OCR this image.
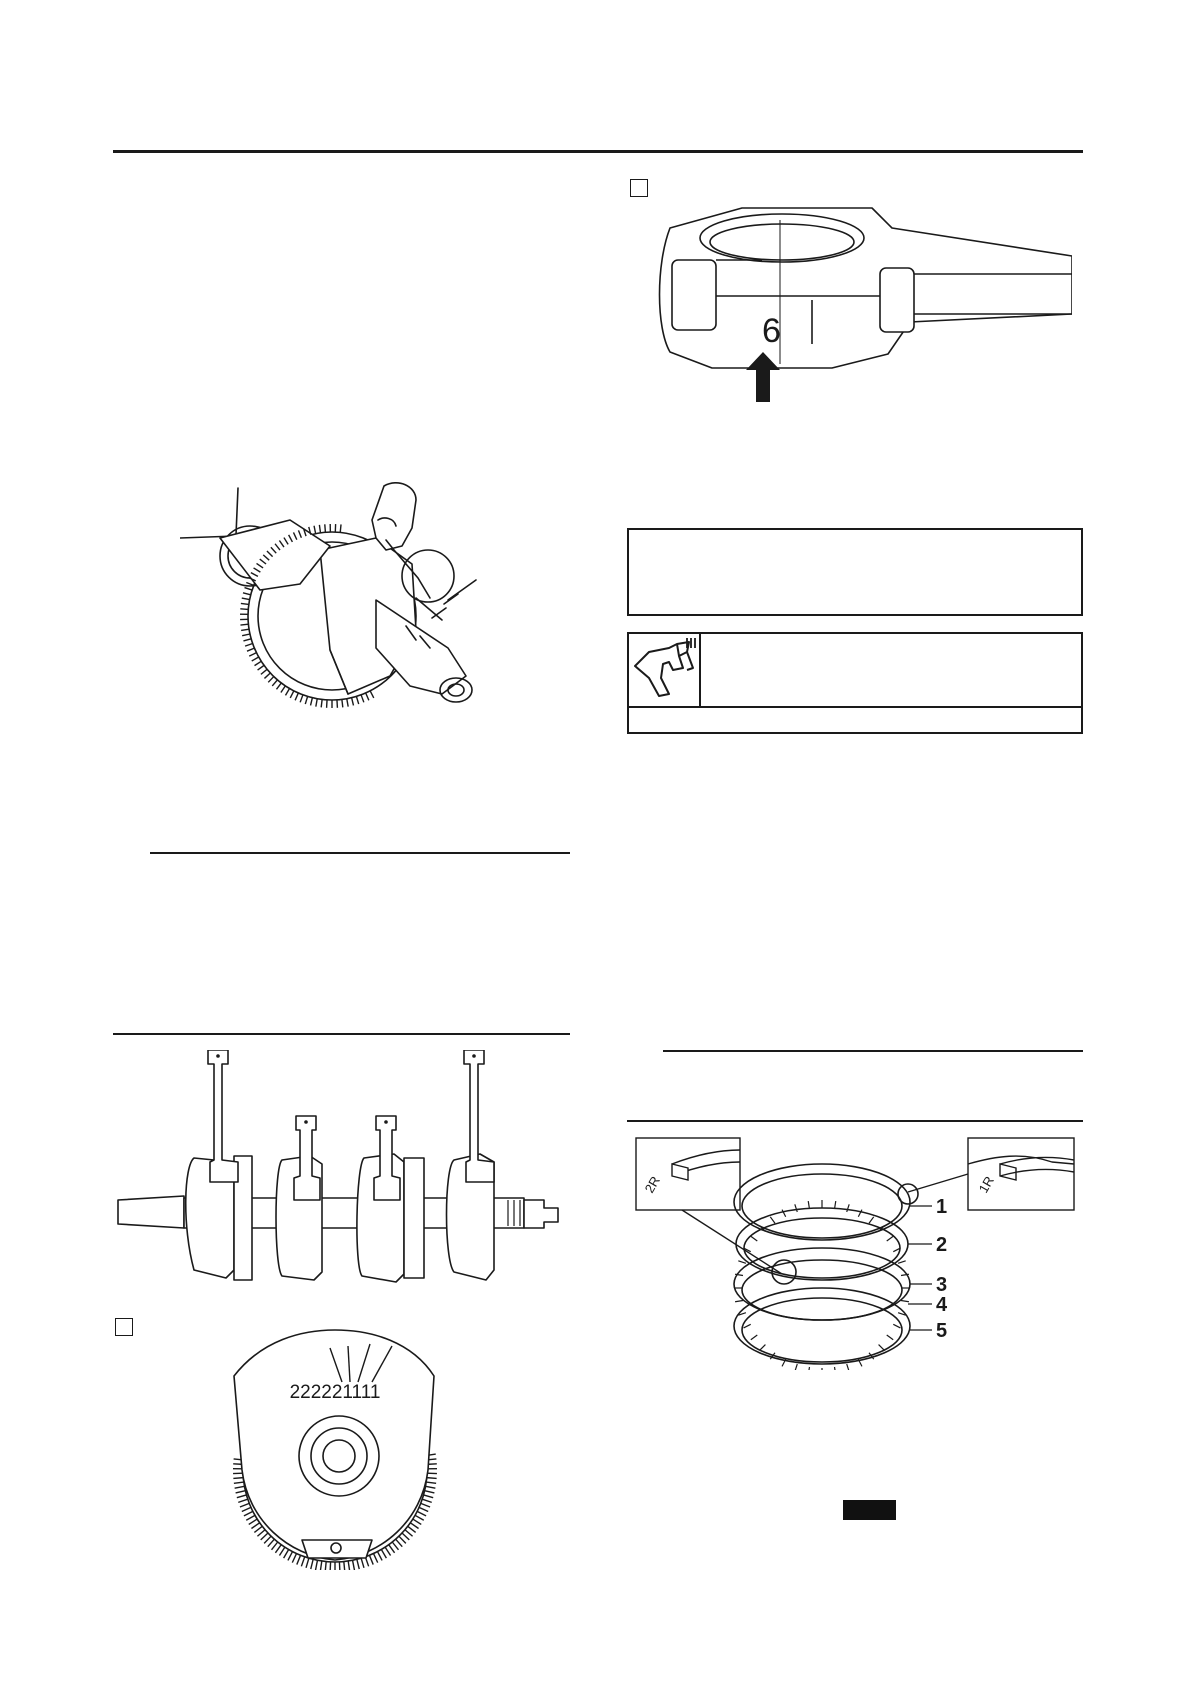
222221111
6
2R	1R
1
2
3
4
5
